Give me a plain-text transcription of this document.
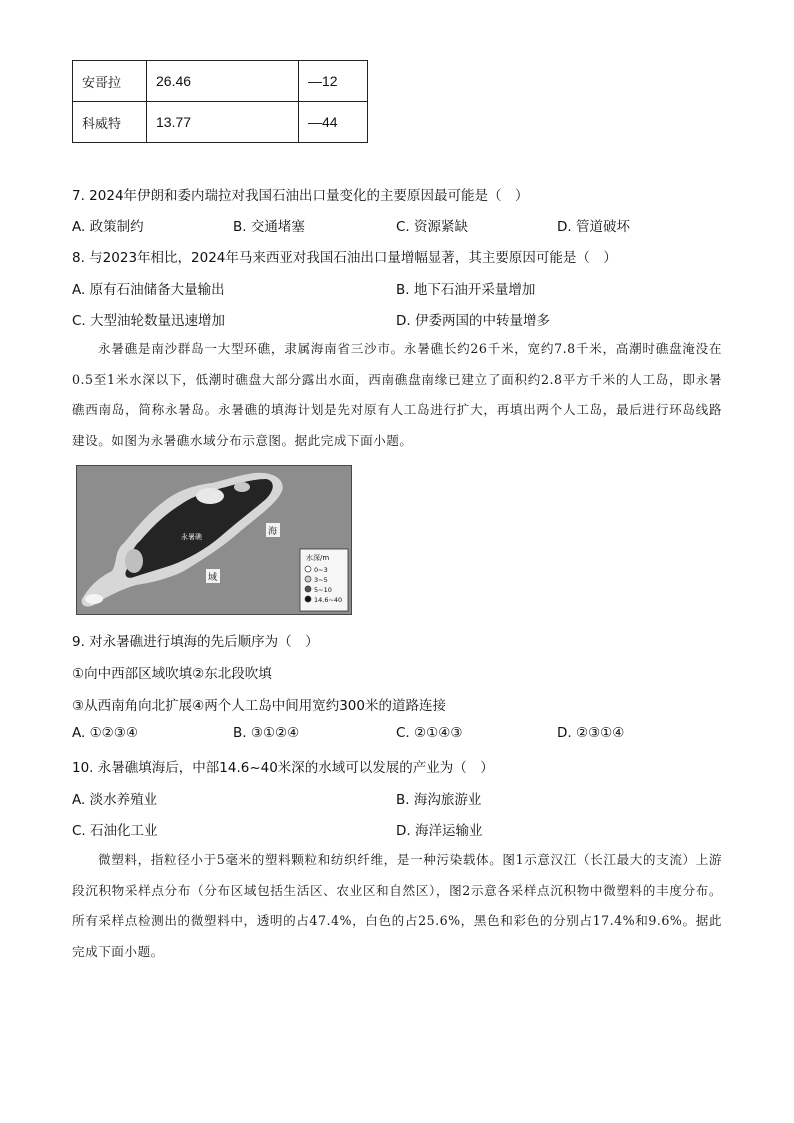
安哥拉	26.46	—12
科威特	13.77	—44
7. 2024年伊朗和委内瑞拉对我国石油出口量变化的主要原因最可能是（　）
A. 政策制约	B. 交通堵塞	C. 资源紧缺	D. 管道破坏
8. 与2023年相比，2024年马来西亚对我国石油出口量增幅显著，其主要原因可能是（　）
A. 原有石油储备大量输出	B. 地下石油开采量增加
C. 大型油轮数量迅速增加	D. 伊委两国的中转量增多
永暑礁是南沙群岛一大型环礁，隶属海南省三沙市。永暑礁长约26千米，宽约7.8千米，高潮时礁盘淹没在0.5至1米水深以下，低潮时礁盘大部分露出水面，西南礁盘南缘已建立了面积约2.8平方千米的人工岛，即永暑礁西南岛，简称永暑岛。永暑礁的填海计划是先对原有人工岛进行扩大，再填出两个人工岛，最后进行环岛线路建设。如图为永暑礁水域分布示意图。据此完成下面小题。
永暑礁	海
域
水深/m
0~3
3~5
5~10
14.6~40
9. 对永暑礁进行填海的先后顺序为（　）
①向中西部区域吹填②东北段吹填
③从西南角向北扩展④两个人工岛中间用宽约300米的道路连接
A. ①②③④	B. ③①②④	C. ②①④③	D. ②③①④
10. 永暑礁填海后，中部14.6~40米深的水域可以发展的产业为（　）
A. 淡水养殖业	B. 海沟旅游业
C. 石油化工业	D. 海洋运输业
微塑料，指粒径小于5毫米的塑料颗粒和纺织纤维，是一种污染载体。图1示意汉江（长江最大的支流）上游段沉积物采样点分布（分布区域包括生活区、农业区和自然区），图2示意各采样点沉积物中微塑料的丰度分布。所有采样点检测出的微塑料中，透明的占47.4%，白色的占25.6%，黑色和彩色的分别占17.4%和9.6%。据此完成下面小题。
